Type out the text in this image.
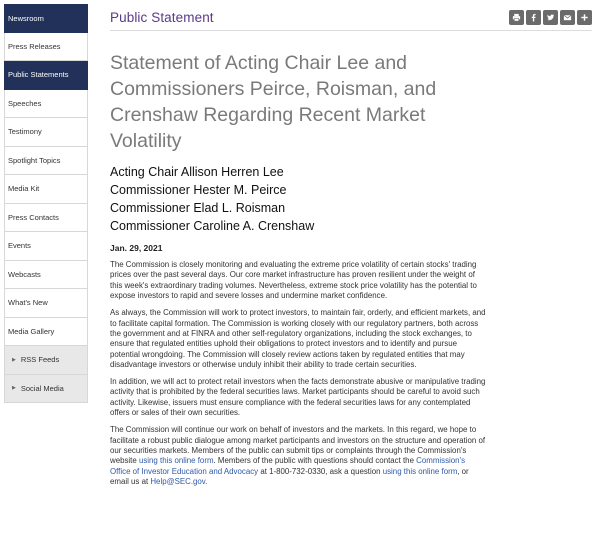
Newsroom
Press Releases
Public Statements
Speeches
Testimony
Spotlight Topics
Media Kit
Press Contacts
Events
Webcasts
What's New
Media Gallery
▶ RSS Feeds
▶ Social Media
Public Statement
Statement of Acting Chair Lee and Commissioners Peirce, Roisman, and Crenshaw Regarding Recent Market Volatility
Acting Chair Allison Herren Lee
Commissioner Hester M. Peirce
Commissioner Elad L. Roisman
Commissioner Caroline A. Crenshaw
Jan. 29, 2021

The Commission is closely monitoring and evaluating the extreme price volatility of certain stocks' trading prices over the past several days. Our core market infrastructure has proven resilient under the weight of this week's extraordinary trading volumes. Nevertheless, extreme stock price volatility has the potential to expose investors to rapid and severe losses and undermine market confidence.

As always, the Commission will work to protect investors, to maintain fair, orderly, and efficient markets, and to facilitate capital formation. The Commission is working closely with our regulatory partners, both across the government and at FINRA and other self-regulatory organizations, including the stock exchanges, to ensure that regulated entities uphold their obligations to protect investors and to identify and pursue potential wrongdoing. The Commission will closely review actions taken by regulated entities that may disadvantage investors or otherwise unduly inhibit their ability to trade certain securities.

In addition, we will act to protect retail investors when the facts demonstrate abusive or manipulative trading activity that is prohibited by the federal securities laws. Market participants should be careful to avoid such activity. Likewise, issuers must ensure compliance with the federal securities laws for any contemplated offers or sales of their own securities.

The Commission will continue our work on behalf of investors and the markets. In this regard, we hope to facilitate a robust public dialogue among market participants and investors on the structure and operation of our securities markets. Members of the public can submit tips or complaints through the Commission's website using this online form. Members of the public with questions should contact the Commission's Office of Investor Education and Advocacy at 1-800-732-0330, ask a question using this online form, or email us at Help@SEC.gov.
